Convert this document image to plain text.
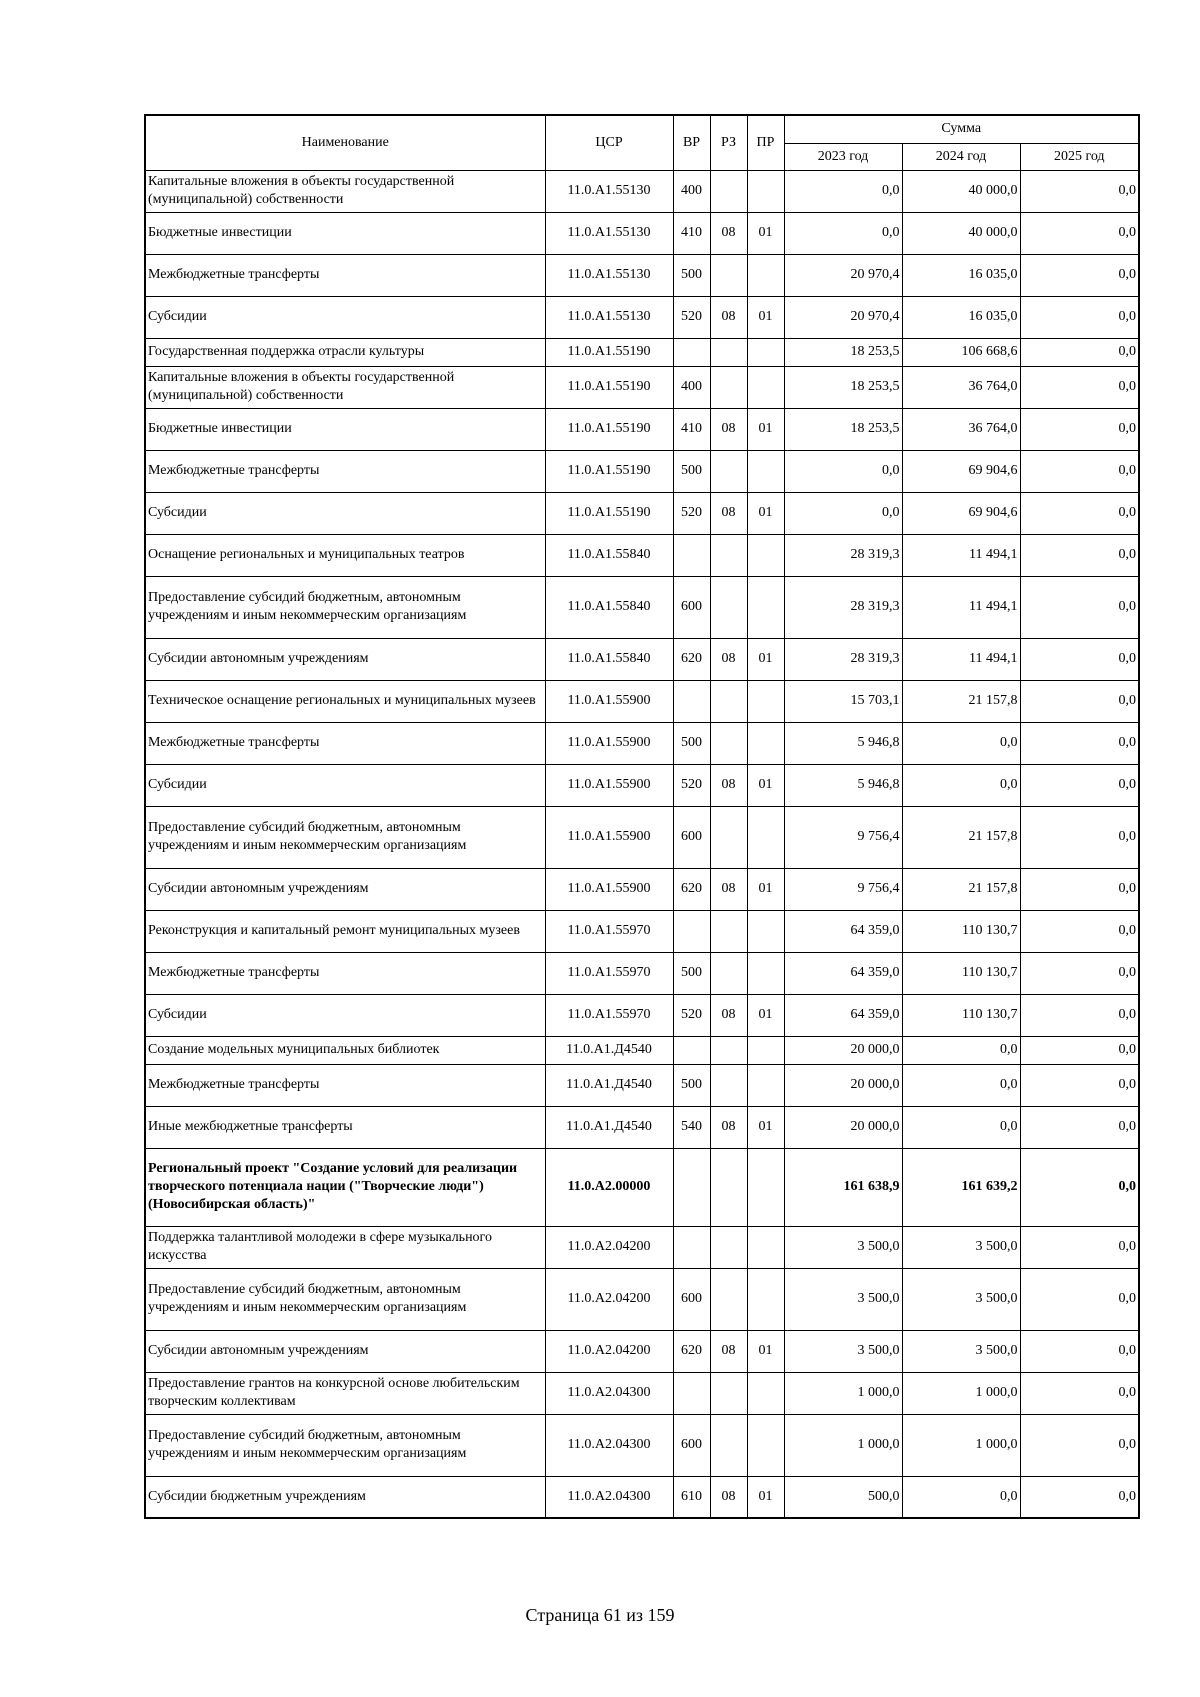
Наименование	ЦСР	ВР	РЗ	ПР	Сумма		
					2023 год	2024 год	2025 год
Капитальные вложения в объекты государственной (муниципальной) собственности	11.0.A1.55130	400			0,0	40 000,0	0,0
Бюджетные инвестиции	11.0.A1.55130	410	08	01	0,0	40 000,0	0,0
Межбюджетные трансферты	11.0.A1.55130	500			20 970,4	16 035,0	0,0
Субсидии	11.0.A1.55130	520	08	01	20 970,4	16 035,0	0,0
Государственная поддержка отрасли культуры	11.0.A1.55190				18 253,5	106 668,6	0,0
Капитальные вложения в объекты государственной (муниципальной) собственности	11.0.A1.55190	400			18 253,5	36 764,0	0,0
Бюджетные инвестиции	11.0.A1.55190	410	08	01	18 253,5	36 764,0	0,0
Межбюджетные трансферты	11.0.A1.55190	500			0,0	69 904,6	0,0
Субсидии	11.0.A1.55190	520	08	01	0,0	69 904,6	0,0
Оснащение региональных и муниципальных театров	11.0.A1.55840				28 319,3	11 494,1	0,0
Предоставление субсидий бюджетным, автономным учреждениям и иным некоммерческим организациям	11.0.A1.55840	600			28 319,3	11 494,1	0,0
Субсидии автономным учреждениям	11.0.A1.55840	620	08	01	28 319,3	11 494,1	0,0
Техническое оснащение региональных и муниципальных музеев	11.0.A1.55900				15 703,1	21 157,8	0,0
Межбюджетные трансферты	11.0.A1.55900	500			5 946,8	0,0	0,0
Субсидии	11.0.A1.55900	520	08	01	5 946,8	0,0	0,0
Предоставление субсидий бюджетным, автономным учреждениям и иным некоммерческим организациям	11.0.A1.55900	600			9 756,4	21 157,8	0,0
Субсидии автономным учреждениям	11.0.A1.55900	620	08	01	9 756,4	21 157,8	0,0
Реконструкция и капитальный ремонт муниципальных музеев	11.0.A1.55970				64 359,0	110 130,7	0,0
Межбюджетные трансферты	11.0.A1.55970	500			64 359,0	110 130,7	0,0
Субсидии	11.0.A1.55970	520	08	01	64 359,0	110 130,7	0,0
Создание модельных муниципальных библиотек	11.0.A1.Д4540				20 000,0	0,0	0,0
Межбюджетные трансферты	11.0.A1.Д4540	500			20 000,0	0,0	0,0
Иные межбюджетные трансферты	11.0.A1.Д4540	540	08	01	20 000,0	0,0	0,0
Региональный проект "Создание условий для реализации творческого потенциала нации ("Творческие люди") (Новосибирская область)"	11.0.A2.00000				161 638,9	161 639,2	0,0
Поддержка талантливой молодежи в сфере музыкального искусства	11.0.A2.04200				3 500,0	3 500,0	0,0
Предоставление субсидий бюджетным, автономным учреждениям и иным некоммерческим организациям	11.0.A2.04200	600			3 500,0	3 500,0	0,0
Субсидии автономным учреждениям	11.0.A2.04200	620	08	01	3 500,0	3 500,0	0,0
Предоставление грантов на конкурсной основе любительским творческим коллективам	11.0.A2.04300				1 000,0	1 000,0	0,0
Предоставление субсидий бюджетным, автономным учреждениям и иным некоммерческим организациям	11.0.A2.04300	600			1 000,0	1 000,0	0,0
Субсидии бюджетным учреждениям	11.0.A2.04300	610	08	01	500,0	0,0	0,0
Страница 61 из 159
